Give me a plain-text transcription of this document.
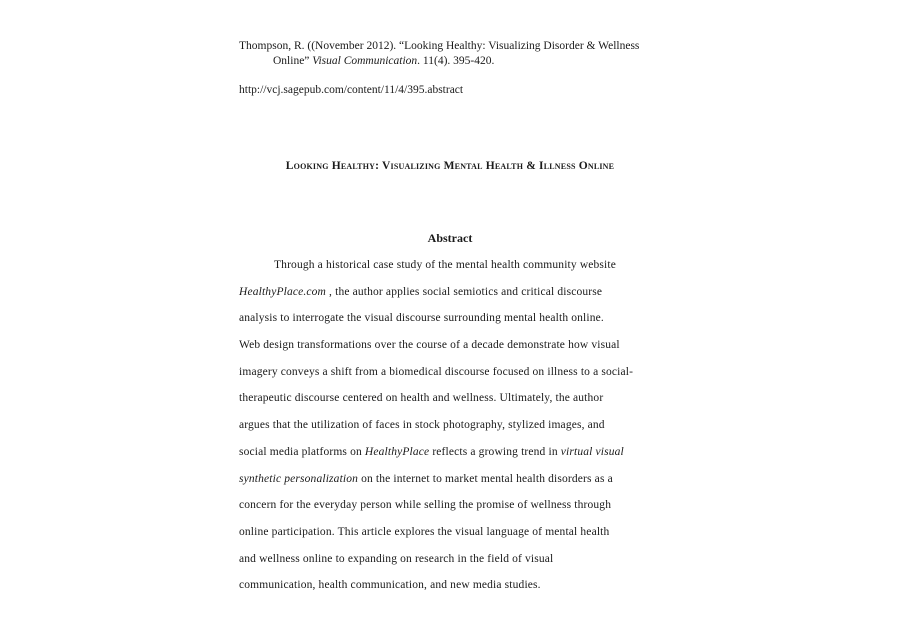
Thompson, R. ((November 2012). “Looking Healthy: Visualizing Disorder & Wellness
Online” Visual Communication. 11(4). 395-420.
http://vcj.sagepub.com/content/11/4/395.abstract
Looking Healthy: Visualizing Mental Health & Illness Online
Abstract
Through a historical case study of the mental health community website
HealthyPlace.com , the author applies social semiotics and critical discourse
analysis to interrogate the visual discourse surrounding mental health online.
Web design transformations over the course of a decade demonstrate how visual
imagery conveys a shift from a biomedical discourse focused on illness to a social-
therapeutic discourse centered on health and wellness. Ultimately, the author
argues that the utilization of faces in stock photography, stylized images, and
social media platforms on HealthyPlace reflects a growing trend in virtual visual
synthetic personalization on the internet to market mental health disorders as a
concern for the everyday person while selling the promise of wellness through
online participation. This article explores the visual language of mental health
and wellness online to expanding on research in the field of visual
communication, health communication, and new media studies.
